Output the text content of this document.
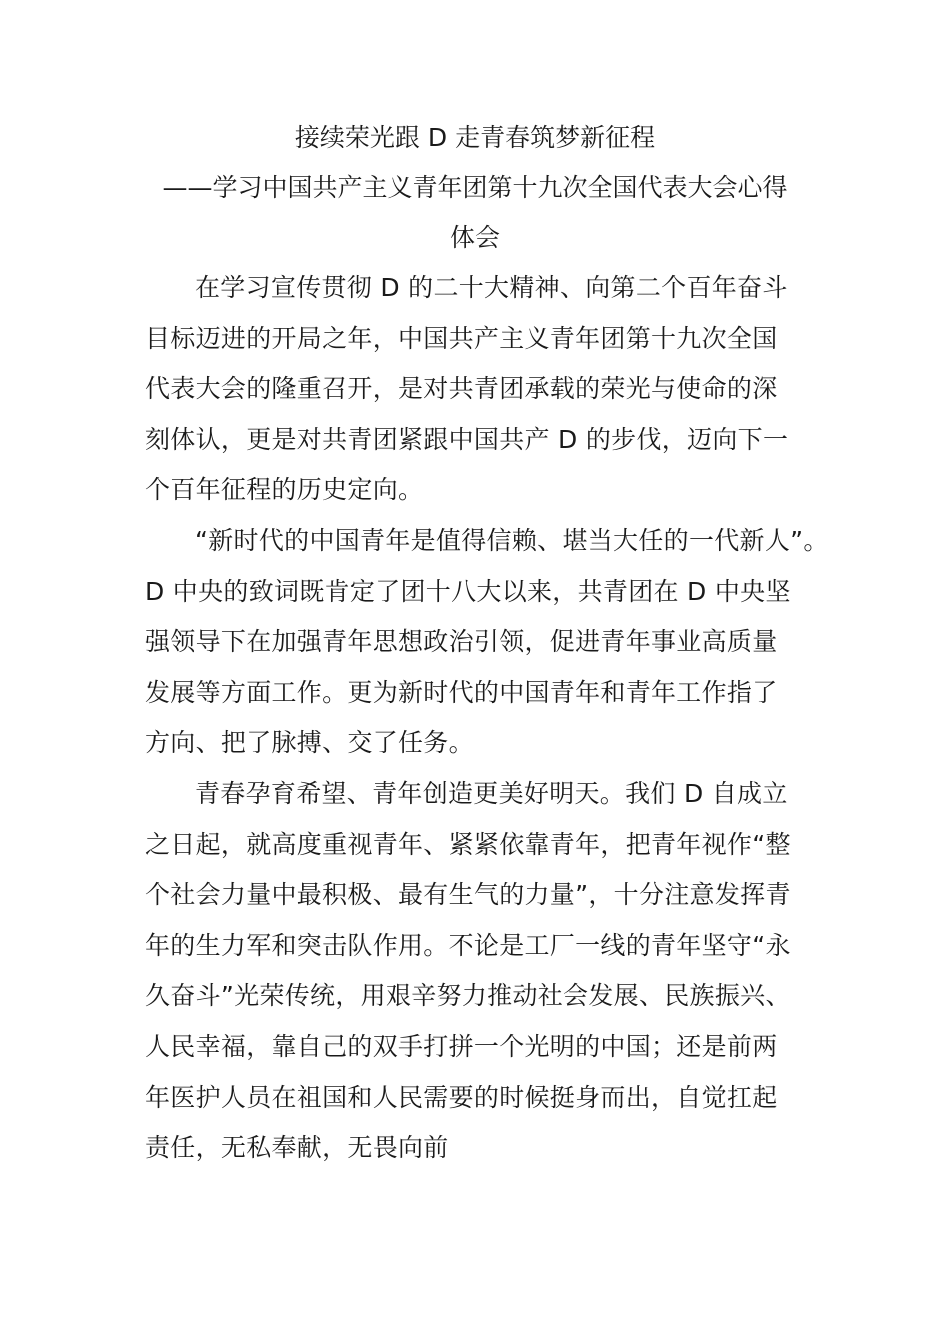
接续荣光跟 D 走青春筑梦新征程
——学习中国共产主义青年团第十九次全国代表大会心得
体会
在学习宣传贯彻 D 的二十大精神、向第二个百年奋斗
目标迈进的开局之年，中国共产主义青年团第十九次全国
代表大会的隆重召开，是对共青团承载的荣光与使命的深
刻体认，更是对共青团紧跟中国共产 D 的步伐，迈向下一
个百年征程的历史定向。
“新时代的中国青年是值得信赖、堪当大任的一代新人”。
D 中央的致词既肯定了团十八大以来，共青团在 D 中央坚
强领导下在加强青年思想政治引领，促进青年事业高质量
发展等方面工作。更为新时代的中国青年和青年工作指了
方向、把了脉搏、交了任务。
青春孕育希望、青年创造更美好明天。我们 D 自成立
之日起，就高度重视青年、紧紧依靠青年，把青年视作“整
个社会力量中最积极、最有生气的力量”，十分注意发挥青
年的生力军和突击队作用。不论是工厂一线的青年坚守“永
久奋斗”光荣传统，用艰辛努力推动社会发展、民族振兴、
人民幸福，靠自己的双手打拼一个光明的中国；还是前两
年医护人员在祖国和人民需要的时候挺身而出，自觉扛起
责任，无私奉献，无畏向前
